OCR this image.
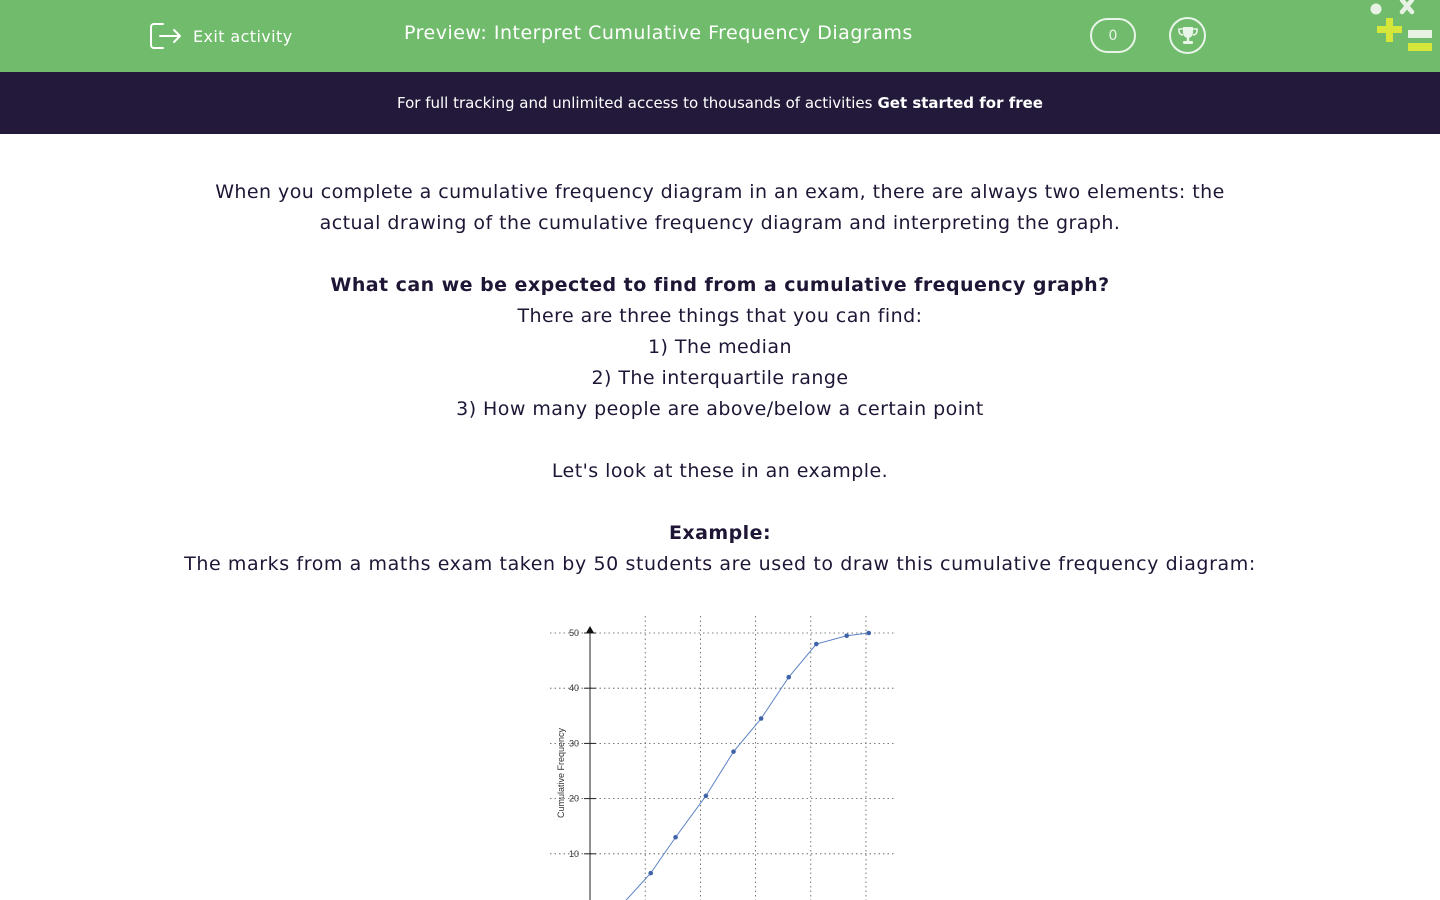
Exit activity	Preview: Interpret Cumulative Frequency Diagrams	0
For full tracking and unlimited access to thousands of activities Get started for free

When you complete a cumulative frequency diagram in an exam, there are always two elements: the

actual drawing of the cumulative frequency diagram and interpreting the graph.

What can we be expected to find from a cumulative frequency graph?

There are three things that you can find:

1) The median

2) The interquartile range

3) How many people are above/below a certain point

Let's look at these in an example.

Example:

The marks from a maths exam taken by 50 students are used to draw this cumulative frequency diagram:

10
20
30
40
50
Cumulative Frequency
